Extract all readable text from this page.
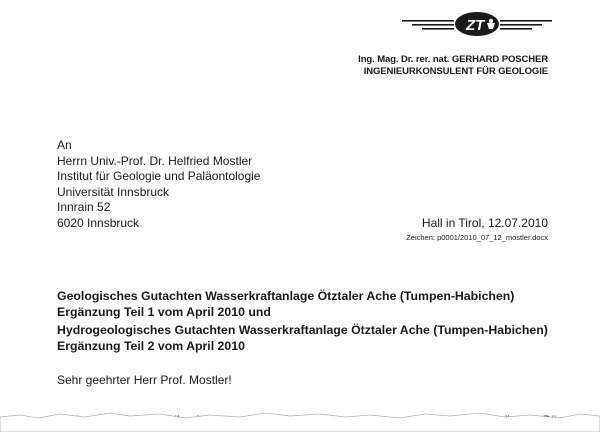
ZT
Ing. Mag. Dr. rer. nat. GERHARD POSCHER
INGENIEURKONSULENT FÜR GEOLOGIE
An
Herrn Univ.-Prof. Dr. Helfried Mostler
Institut für Geologie und Paläontologie
Universität Innsbruck
Innrain 52
6020 Innsbruck	Hall in Tirol, 12.07.2010
Zeichen: p0001/2010_07_12_mostler.docx
Geologisches Gutachten Wasserkraftanlage Ötztaler Ache (Tumpen-Habichen)
Ergänzung Teil 1 vom April 2010 und
Hydrogeologisches Gutachten Wasserkraftanlage Ötztaler Ache (Tumpen-Habichen)
Ergänzung Teil 2 vom April 2010
Sehr geehrter Herr Prof. Mostler!
